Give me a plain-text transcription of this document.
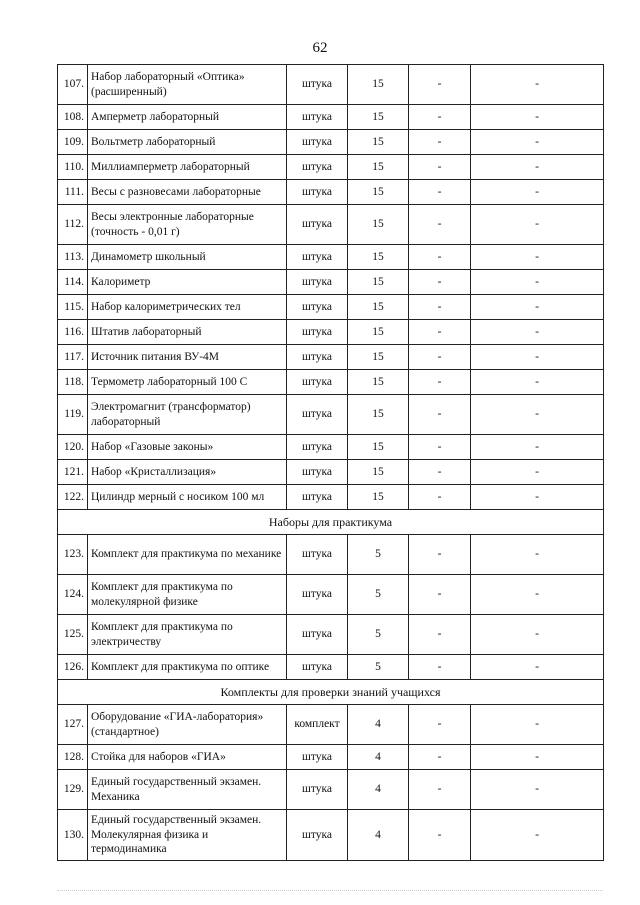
62
107.	Набор лабораторный «Оптика» (расширенный)	штука	15	-	-
108.	Амперметр лабораторный	штука	15	-	-
109.	Вольтметр лабораторный	штука	15	-	-
110.	Миллиамперметр лабораторный	штука	15	-	-
111.	Весы с разновесами лабораторные	штука	15	-	-
112.	Весы электронные лабораторные (точность - 0,01 г)	штука	15	-	-
113.	Динамометр школьный	штука	15	-	-
114.	Калориметр	штука	15	-	-
115.	Набор калориметрических тел	штука	15	-	-
116.	Штатив лабораторный	штука	15	-	-
117.	Источник питания ВУ-4М	штука	15	-	-
118.	Термометр лабораторный 100 С	штука	15	-	-
119.	Электромагнит (трансформатор) лабораторный	штука	15	-	-
120.	Набор «Газовые законы»	штука	15	-	-
121.	Набор «Кристаллизация»	штука	15	-	-
122.	Цилиндр мерный с носиком 100 мл	штука	15	-	-
Наборы для практикума					
123.	Комплект для практикума по механике	штука	5	-	-
124.	Комплект для практикума по молекулярной физике	штука	5	-	-
125.	Комплект для практикума по электричеству	штука	5	-	-
126.	Комплект для практикума по оптике	штука	5	-	-
Комплекты для проверки знаний учащихся					
127.	Оборудование «ГИА-лаборатория» (стандартное)	комплект	4	-	-
128.	Стойка для наборов «ГИА»	штука	4	-	-
129.	Единый государственный экзамен. Механика	штука	4	-	-
130.	Единый государственный экзамен. Молекулярная физика и термодинамика	штука	4	-	-
